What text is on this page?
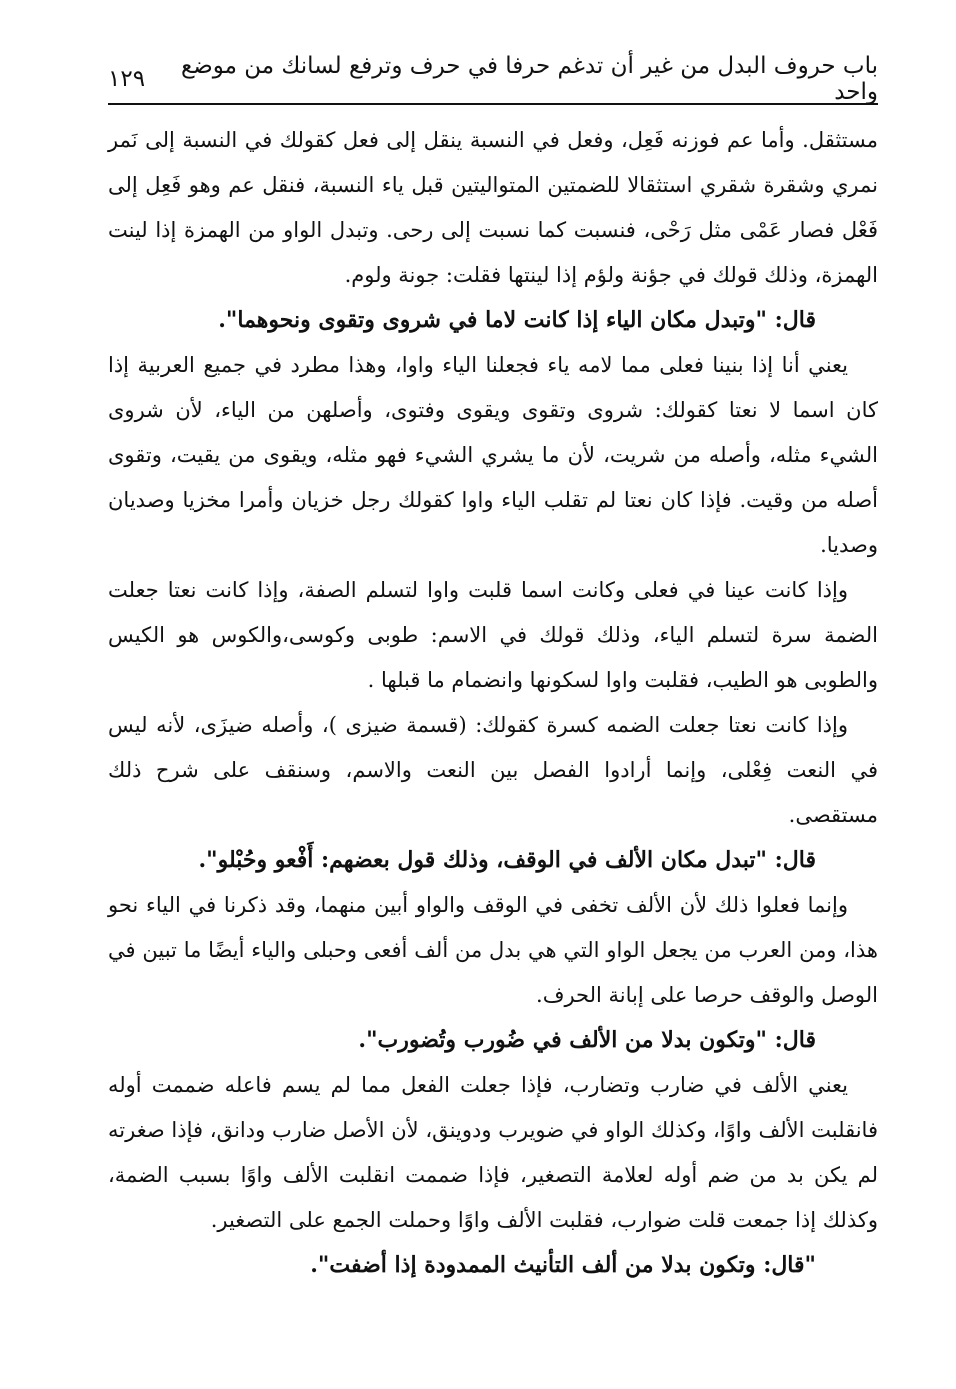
باب حروف البدل من غير أن تدغم حرفا في حرف وترفع لسانك من موضع واحد
١٢٩

مستثقل. وأما عم فوزنه فَعِل، وفعل في النسبة ينقل إلى فعل كقولك في النسبة إلى نَمر نمري وشقرة شقري استثقالا للضمتين المتواليتين قبل ياء النسبة، فنقل عم وهو فَعِل إلى فَعْل فصار عَمْى مثل رَحْى، فنسبت كما نسبت إلى رحى. وتبدل الواو من الهمزة إذا لينت الهمزة، وذلك قولك في جؤنة ولؤم إذا لينتها فقلت: جونة ولوم.

قال: "وتبدل مكان الياء إذا كانت لاما في شروى وتقوى ونحوهما".

يعني أنا إذا بنينا فعلى مما لامه ياء فجعلنا الياء واوا، وهذا مطرد في جميع العربية إذا كان اسما لا نعتا كقولك: شروى وتقوى ويقوى وفتوى، وأصلهن من الياء، لأن شروى الشيء مثله، وأصله من شريت، لأن ما يشري الشيء فهو مثله، ويقوى من يقيت، وتقوى أصله من وقيت. فإذا كان نعتا لم تقلب الياء واوا كقولك رجل خزيان وأمرا مخزيا وصديان وصديا.

وإذا كانت عينا في فعلى وكانت اسما قلبت واوا لتسلم الصفة، وإذا كانت نعتا جعلت الضمة سرة لتسلم الياء، وذلك قولك في الاسم: طوبى وكوسى،والكوس هو الكيس والطوبى هو الطيب، فقلبت واوا لسكونها وانضمام ما قبلها .

وإذا كانت نعتا جعلت الضمه كسرة كقولك: (قسمة ضيزى )، وأصله ضيزَى، لأنه ليس في النعت فِعْلى، وإنما أرادوا الفصل بين النعت والاسم، وسنقف على شرح ذلك مستقصى.

قال: "تبدل مكان الألف في الوقف، وذلك قول بعضهم: أَفْعو وحُبْلو".

وإنما فعلوا ذلك لأن الألف تخفى في الوقف والواو أبين منهما، وقد ذكرنا في الياء نحو هذا، ومن العرب من يجعل الواو التي هي بدل من ألف أفعى وحبلى والياء أيضًا ما تبين في الوصل والوقف حرصا على إبانة الحرف.

قال: "وتكون بدلا من الألف في ضُورب وتُضورب".

يعني الألف في ضارب وتضارب، فإذا جعلت الفعل مما لم يسم فاعله ضممت أوله فانقلبت الألف واوًا، وكذلك الواو في ضويرب ودوينق، لأن الأصل ضارب ودانق، فإذا صغرته لم يكن بد من ضم أوله لعلامة التصغير، فإذا ضممت انقلبت الألف واوًا بسبب الضمة، وكذلك إذا جمعت قلت ضوارب، فقلبت الألف واوًا وحملت الجمع على التصغير.

"قال: وتكون بدلا من ألف التأنيث الممدودة إذا أضفت".
